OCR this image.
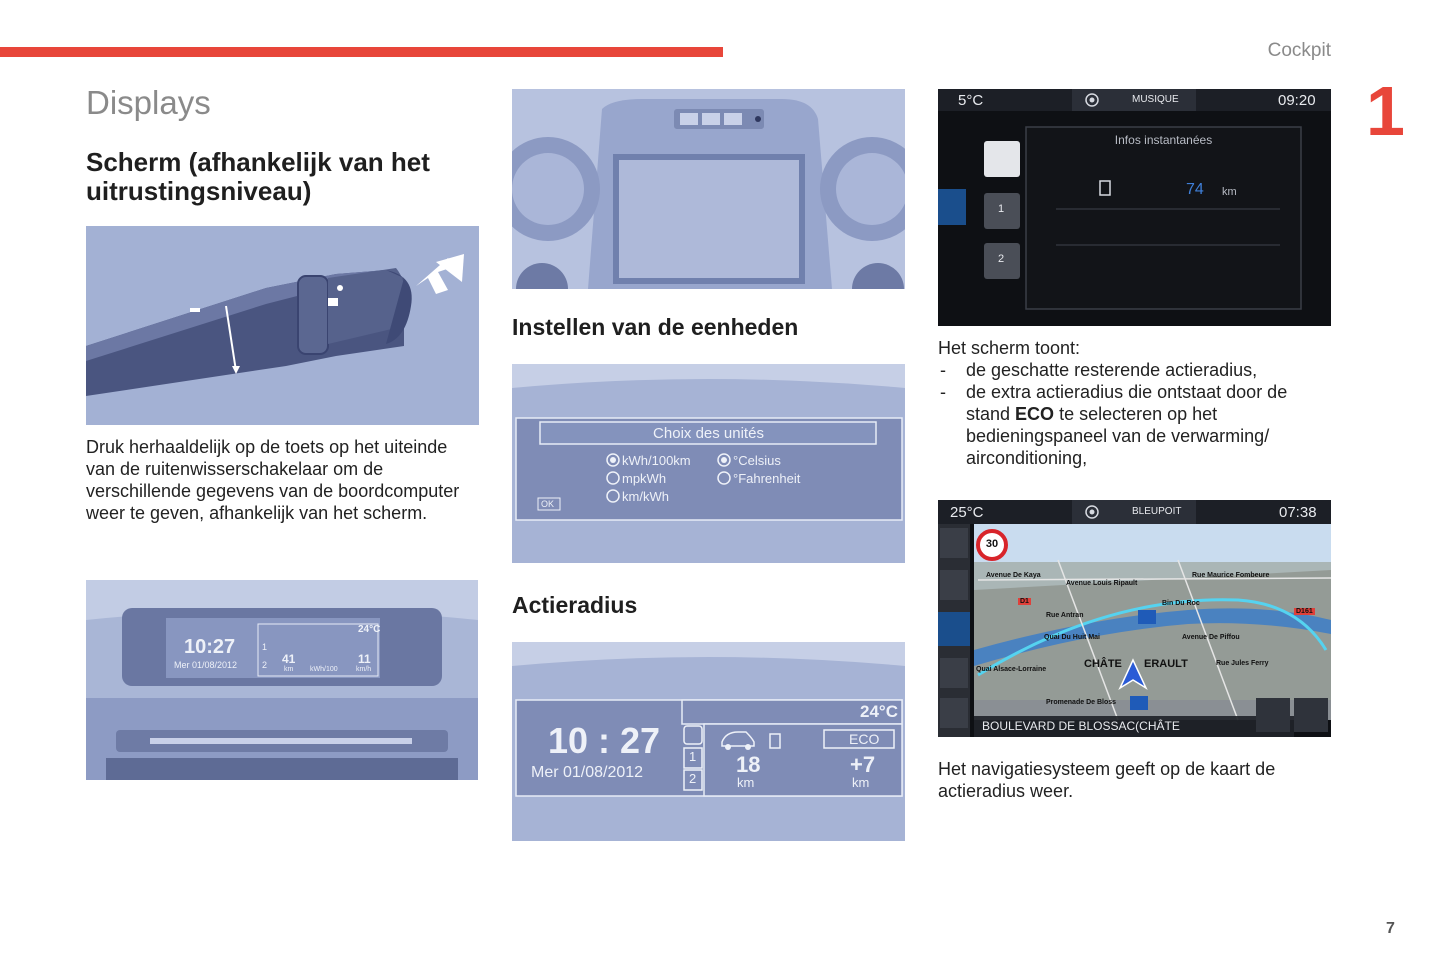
Cockpit
1
7
Displays
Scherm (afhankelijk van het uitrustingsniveau)
Druk herhaaldelijk op de toets op het uiteinde van de ruitenwisserschakelaar om de verschillende gegevens van de boordcomputer weer te geven, afhankelijk van het scherm.
10:27
Mer 01/08/2012
24°C
1
2 41
km kWh/100
11
km/h
Instellen van de eenheden
Choix des unités
kWh/100km
mpkWh
km/kWh
°Celsius
°Fahrenheit
OK
Actieradius
10 : 27
Mer 01/08/2012
24°C
1
2
18
km
ECO
+7
km
5°C	MUSIQUE	09:20
Infos instantanées
74 km
1
2
Het scherm toont:
- de geschatte resterende actieradius,
- de extra actieradius die ontstaat door de stand ECO te selecteren op het bedieningspaneel van de verwarming/ airconditioning,
25°C	BLEUPOIT	07:38
30
BOULEVARD DE BLOSSAC(CHÂTE
Avenue De Kaya
Avenue Louis Ripault
Rue Maurice Fombeure
D1
Rue Antran
Bin Du Roc
D161
Quai Du Huit Mai	Avenue De Piffou
Quai Alsace-Lorraine	CHÂTE ERAULT	Rue Jules Ferry
Promenade De Bloss
Het navigatiesysteem geeft op de kaart de actieradius weer.
